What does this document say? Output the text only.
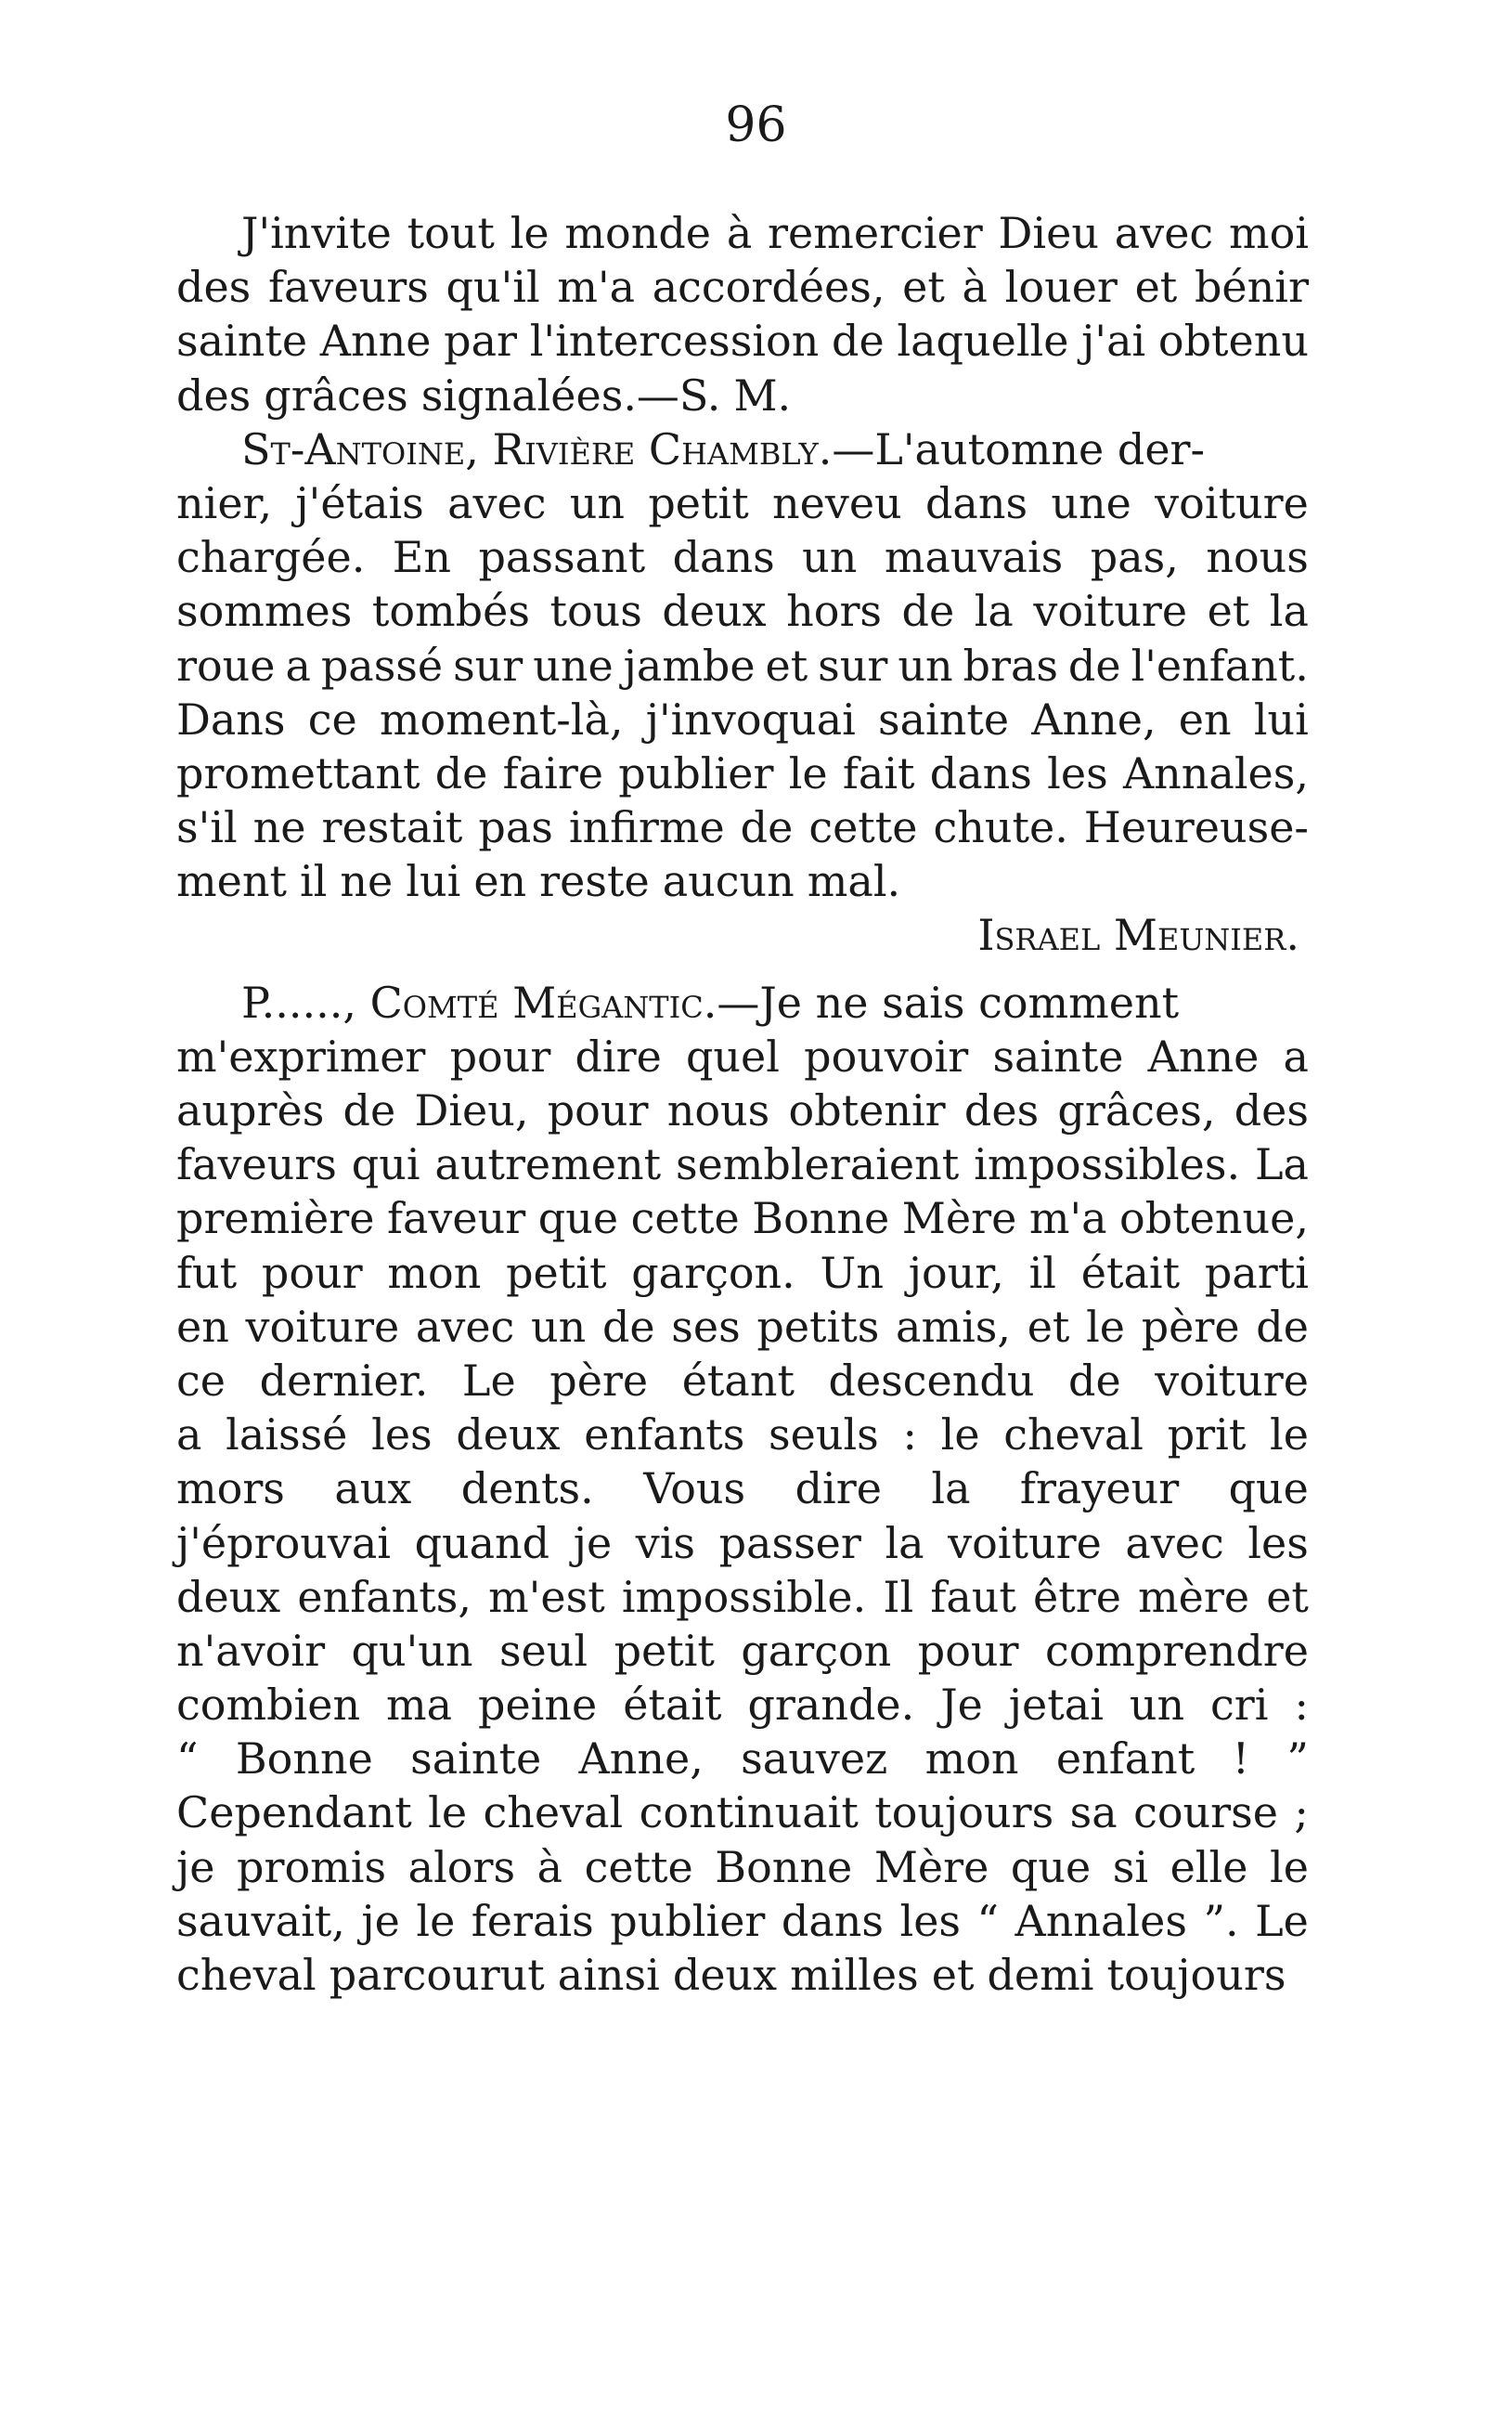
96
J'invite tout le monde à remercier Dieu avec moi
des faveurs qu'il m'a accordées, et à louer et bénir
sainte Anne par l'intercession de laquelle j'ai obtenu
des grâces signalées.—S. M.
St-Antoine, Rivière Chambly. —L'automne der-
nier, j'étais avec un petit neveu dans une voiture
chargée. En passant dans un mauvais pas, nous
sommes tombés tous deux hors de la voiture et la
roue a passé sur une jambe et sur un bras de l'enfant.
Dans ce moment-là, j'invoquai sainte Anne, en lui
promettant de faire publier le fait dans les Annales,
s'il ne restait pas infirme de cette chute. Heureuse-
ment il ne lui en reste aucun mal.
Israel Meunier.
P......, Comté Mégantic. —Je ne sais comment
m'exprimer pour dire quel pouvoir sainte Anne a
auprès de Dieu, pour nous obtenir des grâces, des
faveurs qui autrement sembleraient impossibles. La
première faveur que cette Bonne Mère m'a obtenue,
fut pour mon petit garçon. Un jour, il était parti
en voiture avec un de ses petits amis, et le père de
ce dernier. Le père étant descendu de voiture
a laissé les deux enfants seuls : le cheval prit le
mors aux dents. Vous dire la frayeur que
j'éprouvai quand je vis passer la voiture avec les
deux enfants, m'est impossible. Il faut être mère et
n'avoir qu'un seul petit garçon pour comprendre
combien ma peine était grande. Je jetai un cri :
“ Bonne sainte Anne, sauvez mon enfant ! ”
Cependant le cheval continuait toujours sa course ;
je promis alors à cette Bonne Mère que si elle le
sauvait, je le ferais publier dans les “ Annales ”. Le
cheval parcourut ainsi deux milles et demi toujours
